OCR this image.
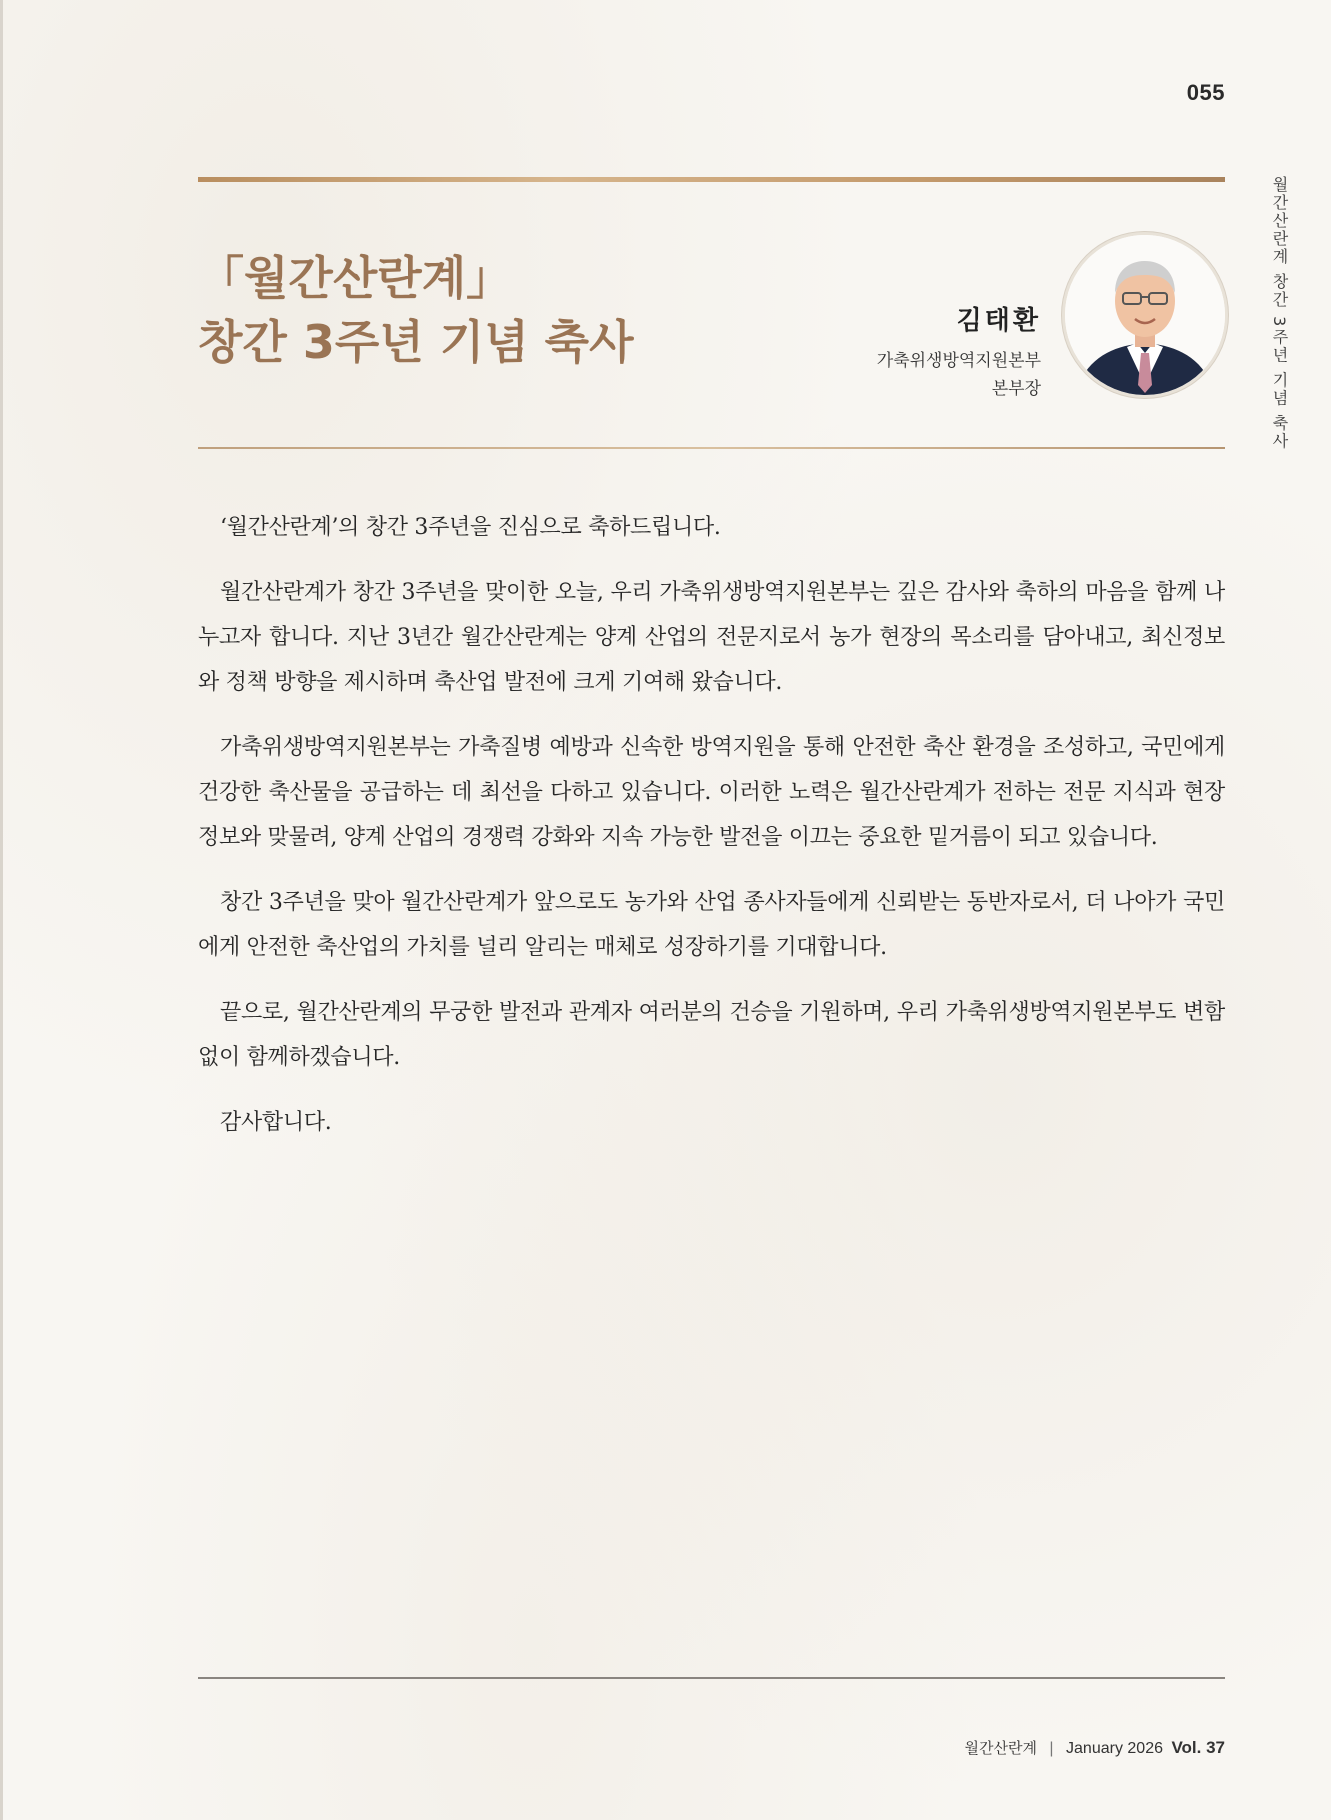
055
월간산란계 창간 3주년 기념 축사
「월간산란계」
창간 3주년 기념 축사	김태환
가축위생방역지원본부
본부장

‘월간산란계’의 창간 3주년을 진심으로 축하드립니다.

월간산란계가 창간 3주년을 맞이한 오늘, 우리 가축위생방역지원본부는 깊은 감사와 축하의 마음을 함께 나누고자 합니다. 지난 3년간 월간산란계는 양계 산업의 전문지로서 농가 현장의 목소리를 담아내고, 최신정보와 정책 방향을 제시하며 축산업 발전에 크게 기여해 왔습니다.

가축위생방역지원본부는 가축질병 예방과 신속한 방역지원을 통해 안전한 축산 환경을 조성하고, 국민에게 건강한 축산물을 공급하는 데 최선을 다하고 있습니다. 이러한 노력은 월간산란계가 전하는 전문 지식과 현장 정보와 맞물려, 양계 산업의 경쟁력 강화와 지속 가능한 발전을 이끄는 중요한 밑거름이 되고 있습니다.

창간 3주년을 맞아 월간산란계가 앞으로도 농가와 산업 종사자들에게 신뢰받는 동반자로서, 더 나아가 국민에게 안전한 축산업의 가치를 널리 알리는 매체로 성장하기를 기대합니다.

끝으로, 월간산란계의 무궁한 발전과 관계자 여러분의 건승을 기원하며, 우리 가축위생방역지원본부도 변함없이 함께하겠습니다.

감사합니다.

월간산란계 | January 2026 Vol. 37
